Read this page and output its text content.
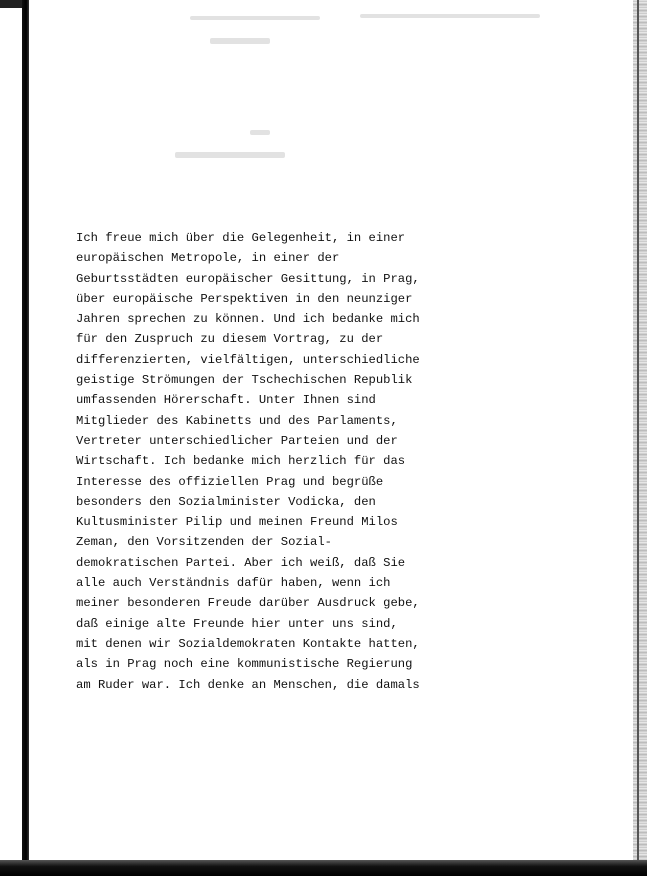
Ich freue mich über die Gelegenheit, in einer
europäischen Metropole, in einer der
Geburtsstädten europäischer Gesittung, in Prag,
über europäische Perspektiven in den neunziger
Jahren sprechen zu können. Und ich bedanke mich
für den Zuspruch zu diesem Vortrag, zu der
differenzierten, vielfältigen, unterschiedliche
geistige Strömungen der Tschechischen Republik
umfassenden Hörerschaft. Unter Ihnen sind
Mitglieder des Kabinetts und des Parlaments,
Vertreter unterschiedlicher Parteien und der
Wirtschaft. Ich bedanke mich herzlich für das
Interesse des offiziellen Prag und begrüße
besonders den Sozialminister Vodicka, den
Kultusminister Pilip und meinen Freund Milos
Zeman, den Vorsitzenden der Sozial-
demokratischen Partei. Aber ich weiß, daß Sie
alle auch Verständnis dafür haben, wenn ich
meiner besonderen Freude darüber Ausdruck gebe,
daß einige alte Freunde hier unter uns sind,
mit denen wir Sozialdemokraten Kontakte hatten,
als in Prag noch eine kommunistische Regierung
am Ruder war. Ich denke an Menschen, die damals
